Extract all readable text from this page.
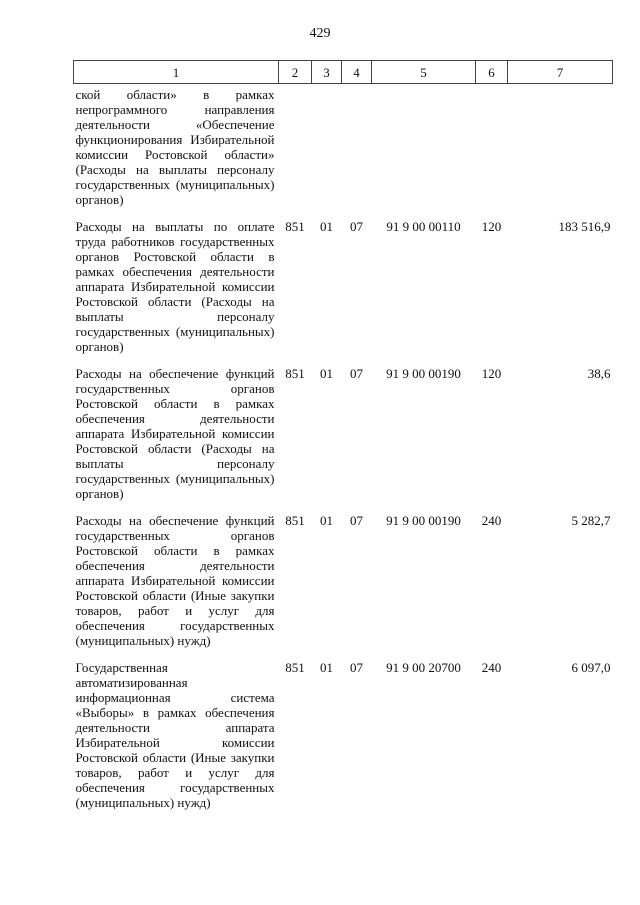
429
1	2	3	4	5	6	7
ской области» в рамках непрограммного направления деятельности «Обеспечение функционирования Избирательной комиссии Ростовской области» (Расходы на выплаты персоналу государственных (муниципальных) органов)						
Расходы на выплаты по оплате труда работников государственных органов Ростовской области в рамках обеспечения деятельности аппарата Избирательной комиссии Ростовской области (Расходы на выплаты персоналу государственных (муниципальных) органов)	851	01	07	91 9 00 00110	120	183 516,9
Расходы на обеспечение функций государственных органов Ростовской области в рамках обеспечения деятельности аппарата Избирательной комиссии Ростовской области (Расходы на выплаты персоналу государственных (муниципальных) органов)	851	01	07	91 9 00 00190	120	38,6
Расходы на обеспечение функций государственных органов Ростовской области в рамках обеспечения деятельности аппарата Избирательной комиссии Ростовской области (Иные закупки товаров, работ и услуг для обеспечения государственных (муниципальных) нужд)	851	01	07	91 9 00 00190	240	5 282,7
Государственная автоматизированная информационная система «Выборы» в рамках обеспечения деятельности аппарата Избирательной комиссии Ростовской области (Иные закупки товаров, работ и услуг для обеспечения государственных (муниципальных) нужд)	851	01	07	91 9 00 20700	240	6 097,0
